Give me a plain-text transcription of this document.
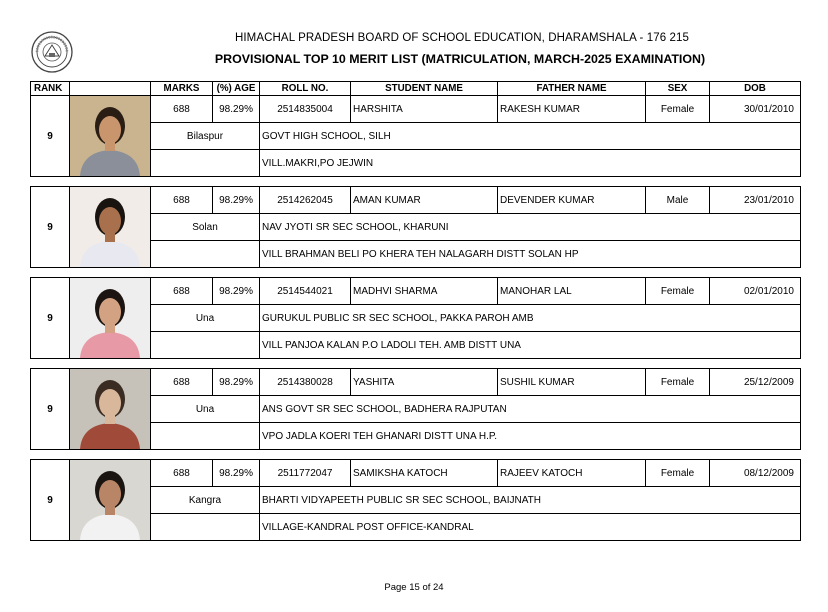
HIMACHAL PRADESH BOARD OF SCHOOL EDUCATION, DHARAMSHALA - 176 215
PROVISIONAL TOP 10 MERIT LIST (MATRICULATION, MARCH-2025 EXAMINATION)
RANK		MARKS	(%) AGE	ROLL NO.	STUDENT NAME	FATHER NAME	SEX	DOB
9		688	98.29%	2514835004	HARSHITA	RAKESH KUMAR	Female	30/01/2010
		Bilaspur		GOVT HIGH SCHOOL, SILH				
				VILL.MAKRI,PO JEJWIN				
9		688	98.29%	2514262045	AMAN KUMAR	DEVENDER KUMAR	Male	23/01/2010
		Solan		NAV JYOTI SR SEC SCHOOL, KHARUNI				
				VILL BRAHMAN BELI PO KHERA TEH NALAGARH DISTT SOLAN HP				
9		688	98.29%	2514544021	MADHVI SHARMA	MANOHAR LAL	Female	02/01/2010
		Una		GURUKUL PUBLIC SR SEC SCHOOL, PAKKA PAROH AMB				
				VILL PANJOA KALAN P.O LADOLI TEH. AMB DISTT UNA				
9		688	98.29%	2514380028	YASHITA	SUSHIL KUMAR	Female	25/12/2009
		Una		ANS GOVT SR SEC SCHOOL, BADHERA RAJPUTAN				
				VPO JADLA KOERI TEH GHANARI DISTT UNA H.P.				
9		688	98.29%	2511772047	SAMIKSHA KATOCH	RAJEEV KATOCH	Female	08/12/2009
		Kangra		BHARTI VIDYAPEETH PUBLIC SR SEC SCHOOL, BAIJNATH				
				VILLAGE-KANDRAL POST OFFICE-KANDRAL				
Page 15 of 24
